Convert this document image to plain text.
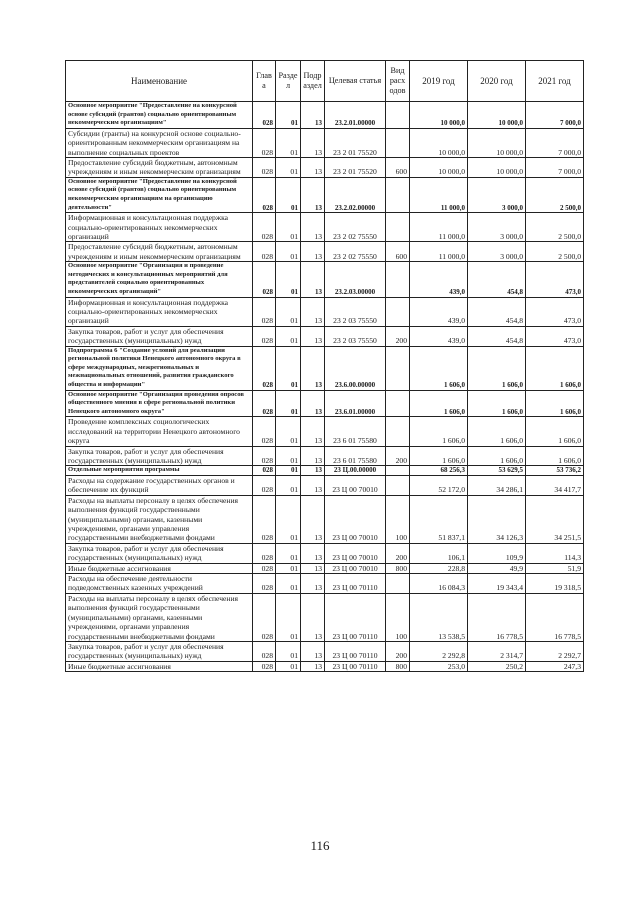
Наименование	Глав а	Разде л	Подр аздел	Целевая статья	Вид расх одов	2019 год	2020 год	2021 год
Основное мероприятие "Предоставление на конкурсной основе субсидий (грантов) социально ориентированным некоммерческим организациям"	028	01	13	23.2.01.00000		10 000,0	10 000,0	7 000,0
Субсидии (гранты) на конкурсной основе социально-ориентированным некоммерческим организациям на выполнение социальных проектов	028	01	13	23 2 01 75520		10 000,0	10 000,0	7 000,0
Предоставление субсидий бюджетным, автономным учреждениям и иным некоммерческим организациям	028	01	13	23 2 01 75520	600	10 000,0	10 000,0	7 000,0
Основное мероприятие "Предоставление на конкурсной основе субсидий (грантов) социально ориентированным некоммерческим организациям на организацию деятельности"	028	01	13	23.2.02.00000		11 000,0	3 000,0	2 500,0
Информационная и консультационная поддержка социально-ориентированных некоммерческих организаций	028	01	13	23 2 02 75550		11 000,0	3 000,0	2 500,0
Предоставление субсидий бюджетным, автономным учреждениям и иным некоммерческим организациям	028	01	13	23 2 02 75550	600	11 000,0	3 000,0	2 500,0
Основное мероприятие "Организация и проведение методических и консультационных мероприятий для представителей социально ориентированных некоммерческих организаций"	028	01	13	23.2.03.00000		439,0	454,8	473,0
Информационная и консультационная поддержка социально-ориентированных некоммерческих организаций	028	01	13	23 2 03 75550		439,0	454,8	473,0
Закупка товаров, работ и услуг для обеспечения государственных (муниципальных) нужд	028	01	13	23 2 03 75550	200	439,0	454,8	473,0
Подпрограмма 6 "Создание условий для реализации региональной политики Ненецкого автономного округа в сфере международных, межрегиональных и межнациональных отношений, развития гражданского общества и информации"	028	01	13	23.6.00.00000		1 606,0	1 606,0	1 606,0
Основное мероприятие "Организация проведения опросов общественного мнения в сфере региональной политики Ненецкого автономного округа"	028	01	13	23.6.01.00000		1 606,0	1 606,0	1 606,0
Проведение комплексных социологических исследований на территории Ненецкого автономного округа	028	01	13	23 6 01 75580		1 606,0	1 606,0	1 606,0
Закупка товаров, работ и услуг для обеспечения государственных (муниципальных) нужд	028	01	13	23 6 01 75580	200	1 606,0	1 606,0	1 606,0
Отдельные мероприятия программы	028	01	13	23 Ц.00.00000		68 256,3	53 629,5	53 736,2
Расходы на содержание государственных органов и обеспечение их функций	028	01	13	23 Ц 00 70010		52 172,0	34 286,1	34 417,7
Расходы на выплаты персоналу в целях обеспечения выполнения функций государственными (муниципальными) органами, казенными учреждениями, органами управления государственными внебюджетными фондами	028	01	13	23 Ц 00 70010	100	51 837,1	34 126,3	34 251,5
Закупка товаров, работ и услуг для обеспечения государственных (муниципальных) нужд	028	01	13	23 Ц 00 70010	200	106,1	109,9	114,3
Иные бюджетные ассигнования	028	01	13	23 Ц 00 70010	800	228,8	49,9	51,9
Расходы на обеспечение деятельности подведомственных казенных учреждений	028	01	13	23 Ц 00 70110		16 084,3	19 343,4	19 318,5
Расходы на выплаты персоналу в целях обеспечения выполнения функций государственными (муниципальными) органами, казенными учреждениями, органами управления государственными внебюджетными фондами	028	01	13	23 Ц 00 70110	100	13 538,5	16 778,5	16 778,5
Закупка товаров, работ и услуг для обеспечения государственных (муниципальных) нужд	028	01	13	23 Ц 00 70110	200	2 292,8	2 314,7	2 292,7
Иные бюджетные ассигнования	028	01	13	23 Ц 00 70110	800	253,0	250,2	247,3
116
